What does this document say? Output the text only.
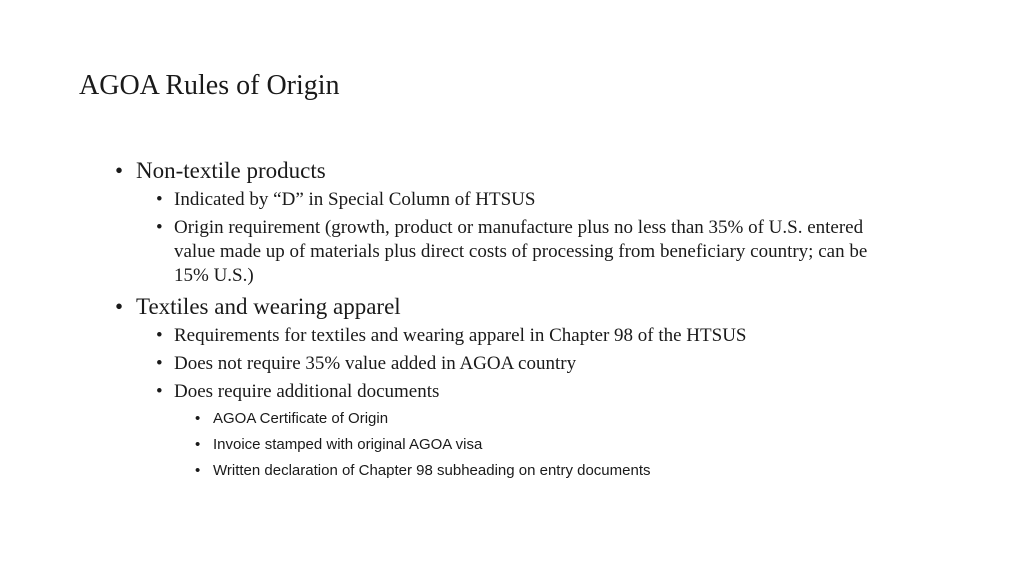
AGOA Rules of Origin
• Non-textile products
• Indicated by “D” in Special Column of HTSUS
• Origin requirement (growth, product or manufacture plus no less than 35% of U.S. entered value made up of materials plus direct costs of processing from beneficiary country; can be 15% U.S.)
• Textiles and wearing apparel
• Requirements for textiles and wearing apparel in Chapter 98 of the HTSUS
• Does not require 35% value added in AGOA country
• Does require additional documents
• AGOA Certificate of Origin
• Invoice stamped with original AGOA visa
• Written declaration of Chapter 98 subheading on entry documents
